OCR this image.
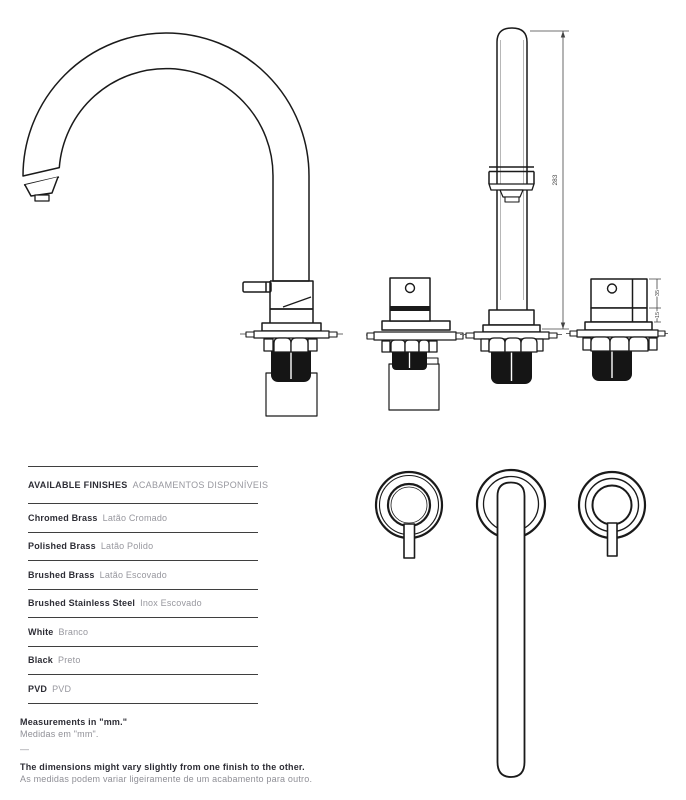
283
35
15
AVAILABLE FINISHES ACABAMENTOS DISPONÍVEIS
Chromed Brass Latão Cromado
Polished Brass Latão Polido
Brushed Brass Latão Escovado
Brushed Stainless Steel Inox Escovado
White Branco
Black Preto
PVD PVD

Measurements in "mm."

Medidas em "mm".

—

The dimensions might vary slightly from one finish to the other.

As medidas podem variar ligeiramente de um acabamento para outro.
